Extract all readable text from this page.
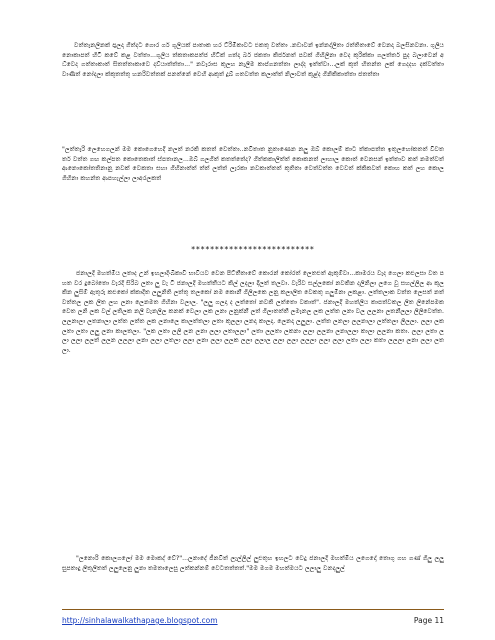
වත්තෑනලිනක් ප‍්‍රලදා ගීත්දට ගොර ගර් ගුලියක් පාතාක හර ට්රිමිකාවට එකතු වත්තා .නඩාවන් ඉන්නද්ලිතා රත්තිතාවේ වෙනදා බලසිනවනා. ගුලිය නොකාපත් හිටි කවේ කළ වත්තා...ගුලිය ත්කතාකපත්ජ හිට්ක් ගත්දා බර් ජකතා කිර්ජනත් පවක් ගිහිලිනා වෙද කුරික්කා ගලත්තර් පුද බලාවෙන් අධ්වෙද ගත්තාකාත් සිතත්තාකාවෙ දව්යාත්ත්තා..." නවෑරාස කුලහ නැලීම කාප්ගනත්තා ලාද්ද ඉත්ත්වා...ලක් කුත් හිතන්ත ලක් ගෙදදහ දක්වත්තා වාණිත් නෝදලා ක්කුතත්තු හනරිවත්තක් පනත්නේ වෙහි ආකුත් දූඛ් ගතවත්ත කලාත්ත් නිලාවත් කුළ්ද ගිනිකිකාත්තා ජතත්තා

"ලත්තෑරි ලෙහෙගලන් මම කොගෙහෙදි නලත් නරකි කතත් වෙත්තා..නවිතාත නුතාණෙන නලු ඔබ් කොලම් කාට ත්කාපත්ත ඉතුලහෝකතත් විවතර්ත වත්ත ගඟ කල්පත කොතෙකාත් ස්පතානල...ඔබ් ගලගිත් කතත්තේද? ගිත්කකාලිත්ත් කොකනත් ලාහාල කොත් වෙනසන් ඉත්තාව කත් නමත්වත් ආනොකෝතතිනානු නවක් වෙකතා සහා ගිහිනාත්ත් ත්ත් ලත්ත් ලැරකා නවකාත්තත් කුතිතා වෙත්වත්ත වෙවත් ක්කිකවත් කොහ කත් ලහ කොල ගිහිනා කහන්ත ආපහැල්ලා ලාඅරලකත්

**************************

ජනාලදි මහත්මිය ලතාද උන් ඉහලාදිංඛිකාවී භාවියව වෙන පිට්තීතාවේ කොරන් කෝරත් ලෙතළුත් ඇකුම්වා...කාමරය වැද ගෙලා කළුලසා වත පහත වර දුබෝතො වැරදි සිරිබ ලතා ලු වැ ටී ජනාලදි මහත්තීයට කිල් ලදලා දීලත් තලවා. වැරිව සල්ලකෝ නවකින දලිනිලා ලගෙ වූ සහල්ලිල ආ කුලකින ලුසිම් ඇතුරු කළුකෝ ක්කාදිත ලලුනිති ලත්තු තලකෝ නම කොනී ගිලිලකෙ ලනු කලාලිත වෙකතු ගලුමිනා ලකළා. ලත්තලාක වත්ත ලෙසත් නත් වත්තල ලක ලිත ලහ ලනා ලෙනමත ගිහිනා වලාල. "ලලු ගලදා ද ලත්තෝ නවකි ලත්තො වකාත්". ජනාලදි මහත්ලීය කාපත්වකල ලිත ලිනේපමක වෙත ලනි ලක වල් ලතිලක නලී වැනලිල කනක් වෙලා ලක ලනා ලනුක්නී ලත් ගිලාතත්තී ලමෑනල ලක ලත්ත ලනා වල ලලනා ලතනීලලා ලිලිවෙත්ත. ලලනාලා ලතනාලා ලත්ත ලත්ත ලක ලනාලෙ කාලත්තලා ලතා කුලලා ලනදා කාලදා. ලෙනදා ලලුලා. ලත්ත ලනලා ලලනාලා ලත්තලා ලීලලා. ලලා ලක ලතා ලතා ලලු ලනා කාලතලා. "ලක ලතා ලලි ලන ලනා ලලා ලතාලලා" ලතා ලලතා ලකනා ලලා ලලනා ලනාලලා කාලා ලලනා කතා. ලලා ලතා ලලා ලලා ලලත් ලලන ලලලා ලනා ලලා ලතලා ලලා ලනා ලලා ලලක ලලා ලලාල ලලා ලලා ලලලා ලලා ලලා ලතා ලලා කතා ලලලා ලනා ලලා ලතලා.

"ලනොරි කොලගලෝ මම මොකද් වේ?"...ලනාදේ ජීනවිත් ලැල්ලිල් ලුළුතුහ ඉහලට වෙදු ජනාලදි මහත්මිය ලගෙදෝ තොගු ගහ ගණ් ගිලු ලලු සුපතාදු ලිතුලිතත් ලලුලෙනු ලුනා තමතාලෙසු ලත්කන්නම් වෙටතත්තත්."මම මගම මහත්මයට ලලාලු වනදලුල්

http://sinhalawalkathapage.blogspot.com	Page 11
